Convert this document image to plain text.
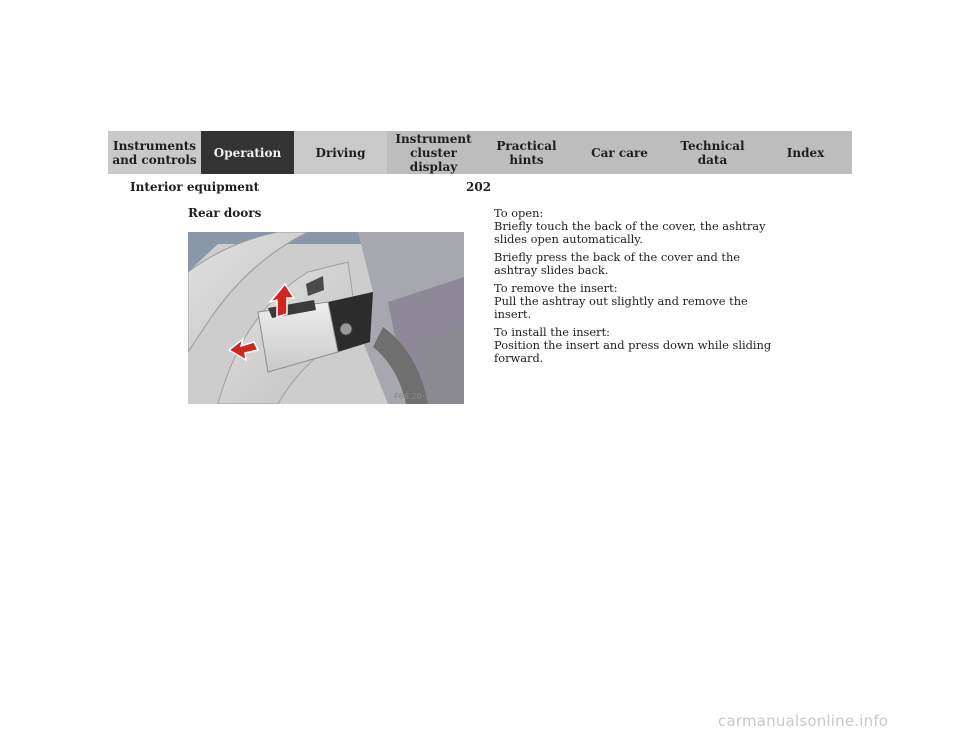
Instruments
and controls	Operation	Driving
Instrument
cluster display
Practical hints	Car care	Technical
data	Index
Interior equipment	202
Rear doors
P68.20-2001-26

To open:
Briefly touch the back of the cover, the ashtray slides open automatically.

Briefly press the back of the cover and the ashtray slides back.

To remove the insert:
Pull the ashtray out slightly and remove the insert.

To install the insert:
Position the insert and press down while sliding forward.

carmanualsonline.info
